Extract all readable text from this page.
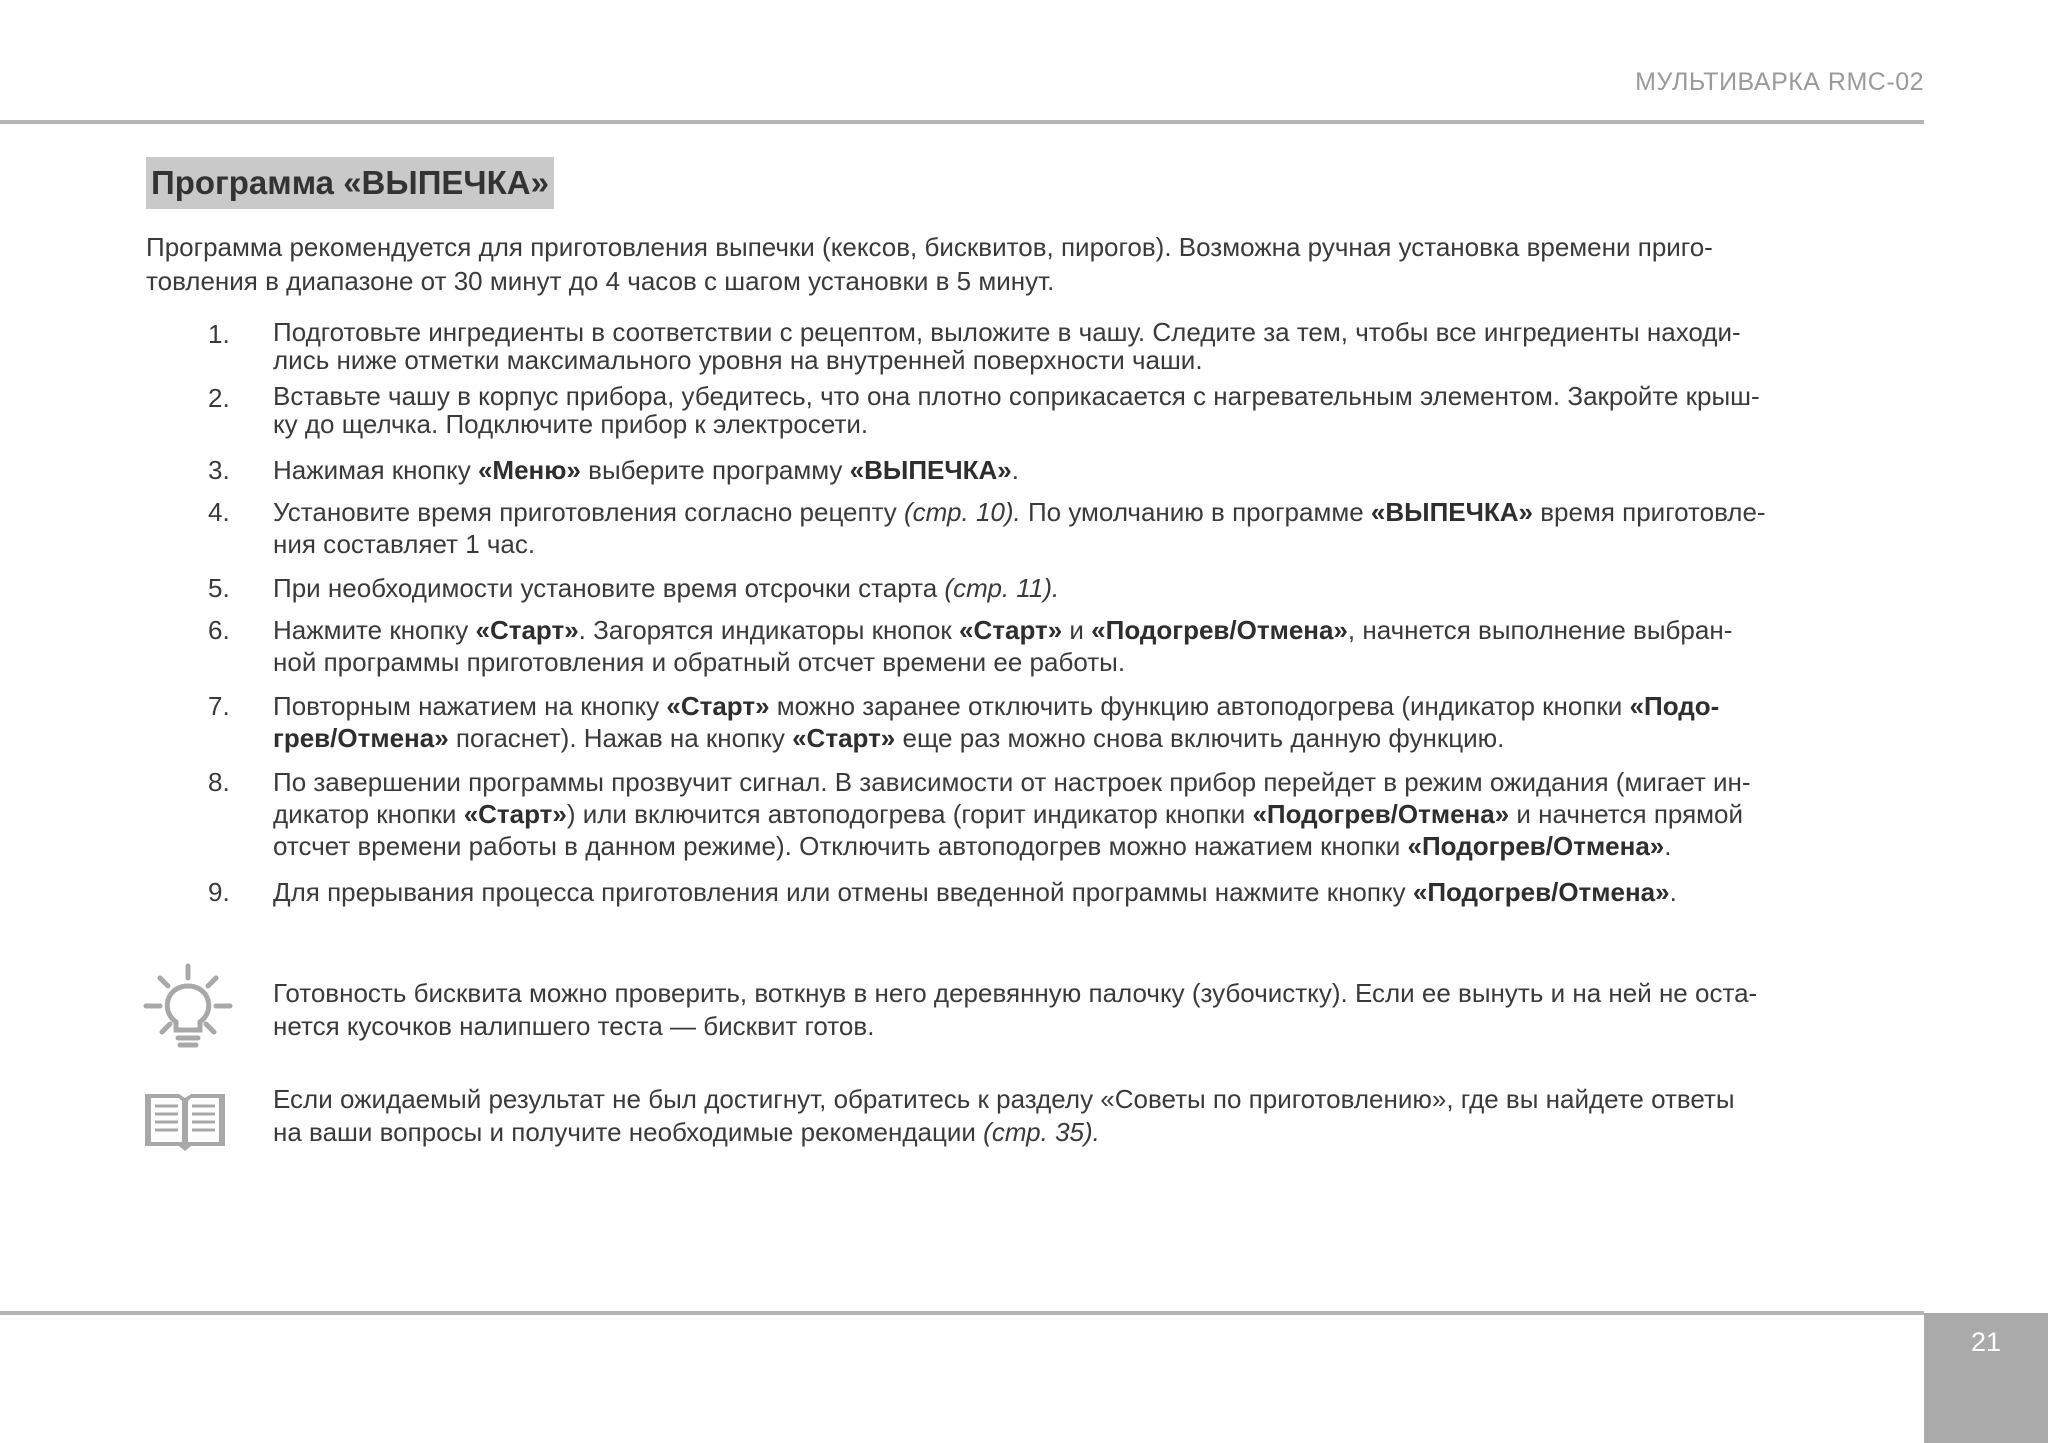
МУЛЬТИВАРКА RMC-02
Программа «ВЫПЕЧКА»
Программа рекомендуется для приготовления выпечки (кексов, бисквитов, пирогов). Возможна ручная установка времени приго-
товления в диапазоне от 30 минут до 4 часов с шагом установки в 5 минут.
1. Подготовьте ингредиенты в соответствии с рецептом, выложите в чашу. Следите за тем, чтобы все ингредиенты находи-
лись ниже отметки максимального уровня на внутренней поверхности чаши.
2. Вставьте чашу в корпус прибора, убедитесь, что она плотно соприкасается с нагревательным элементом. Закройте крыш-
ку до щелчка. Подключите прибор к электросети.
3. Нажимая кнопку «Меню» выберите программу «ВЫПЕЧКА».
4. Установите время приготовления согласно рецепту (стр. 10). По умолчанию в программе «ВЫПЕЧКА» время приготовле-
ния составляет 1 час.
5. При необходимости установите время отсрочки старта (стр. 11).
6. Нажмите кнопку «Старт». Загорятся индикаторы кнопок «Старт» и «Подогрев/Отмена», начнется выполнение выбран-
ной программы приготовления и обратный отсчет времени ее работы.
7. Повторным нажатием на кнопку «Старт» можно заранее отключить функцию автоподогрева (индикатор кнопки «Подо-
грев/Отмена» погаснет). Нажав на кнопку «Старт» еще раз можно снова включить данную функцию.
8. По завершении программы прозвучит сигнал. В зависимости от настроек прибор перейдет в режим ожидания (мигает ин-
дикатор кнопки «Старт») или включится автоподогрева (горит индикатор кнопки «Подогрев/Отмена» и начнется прямой
отсчет времени работы в данном режиме). Отключить автоподогрев можно нажатием кнопки «Подогрев/Отмена».
9. Для прерывания процесса приготовления или отмены введенной программы нажмите кнопку «Подогрев/Отмена».
Готовность бисквита можно проверить, воткнув в него деревянную палочку (зубочистку). Если ее вынуть и на ней не оста-
нется кусочков налипшего теста — бисквит готов.
Если ожидаемый результат не был достигнут, обратитесь к разделу «Советы по приготовлению», где вы найдете ответы
на ваши вопросы и получите необходимые рекомендации (стр. 35).
21
